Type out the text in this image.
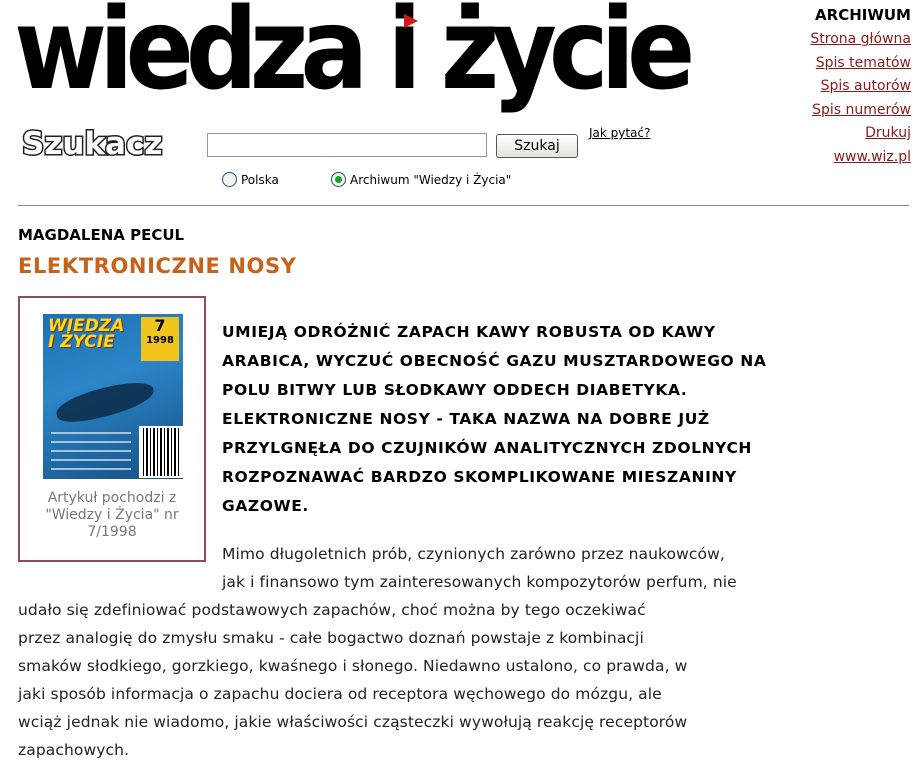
wiedza i życie	ARCHIWUM
Strona główna
Spis tematów
Spis autorów
Spis numerów
Drukuj
www.wiz.pl
Szukacz	Szukaj
Jak pytać?
Polska	Archiwum "Wiedzy i Życia"
MAGDALENA PECUL
ELEKTRONICZNE NOSY
WIEDZA I ŻYCIE
7
1998
Artykuł pochodzi z "Wiedzy i Życia" nr 7/1998
UMIEJĄ ODRÓŻNIĆ ZAPACH KAWY ROBUSTA OD KAWY
ARABICA, WYCZUĆ OBECNOŚĆ GAZU MUSZTARDOWEGO NA
POLU BITWY LUB SŁODKAWY ODDECH DIABETYKA.
ELEKTRONICZNE NOSY - TAKA NAZWA NA DOBRE JUŻ
PRZYLGNĘŁA DO CZUJNIKÓW ANALITYCZNYCH ZDOLNYCH
ROZPOZNAWAĆ BARDZO SKOMPLIKOWANE MIESZANINY
GAZOWE.
Mimo długoletnich prób, czynionych zarówno przez naukowców,
jak i finansowo tym zainteresowanych kompozytorów perfum, nie
udało się zdefiniować podstawowych zapachów, choć można by tego oczekiwać
przez analogię do zmysłu smaku - całe bogactwo doznań powstaje z kombinacji
smaków słodkiego, gorzkiego, kwaśnego i słonego. Niedawno ustalono, co prawda, w
jaki sposób informacja o zapachu dociera od receptora węchowego do mózgu, ale
wciąż jednak nie wiadomo, jakie właściwości cząsteczki wywołują reakcję receptorów
zapachowych.
